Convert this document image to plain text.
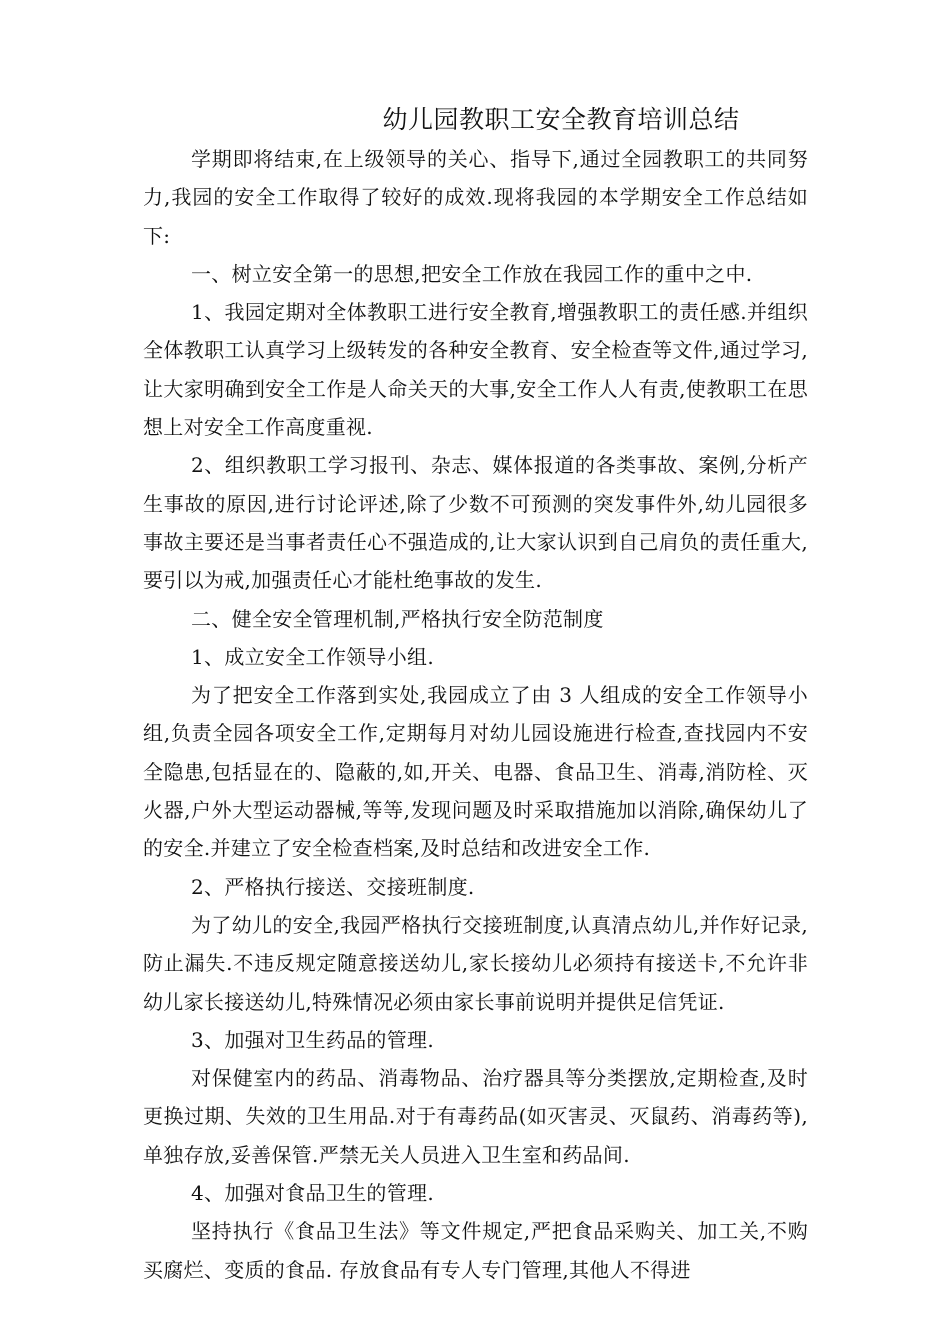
幼儿园教职工安全教育培训总结

学期即将结束,在上级领导的关心、指导下,通过全园教职工的共同努力,我园的安全工作取得了较好的成效.现将我园的本学期安全工作总结如下:

一、树立安全第一的思想,把安全工作放在我园工作的重中之中.

1、我园定期对全体教职工进行安全教育,增强教职工的责任感.并组织全体教职工认真学习上级转发的各种安全教育、安全检查等文件,通过学习,让大家明确到安全工作是人命关天的大事,安全工作人人有责,使教职工在思想上对安全工作高度重视.

2、组织教职工学习报刊、杂志、媒体报道的各类事故、案例,分析产生事故的原因,进行讨论评述,除了少数不可预测的突发事件外,幼儿园很多事故主要还是当事者责任心不强造成的,让大家认识到自己肩负的责任重大,要引以为戒,加强责任心才能杜绝事故的发生.

二、健全安全管理机制,严格执行安全防范制度

1、成立安全工作领导小组.

为了把安全工作落到实处,我园成立了由 3 人组成的安全工作领导小组,负责全园各项安全工作,定期每月对幼儿园设施进行检查,查找园内不安全隐患,包括显在的、隐蔽的,如,开关、电器、食品卫生、消毒,消防栓、灭火器,户外大型运动器械,等等,发现问题及时采取措施加以消除,确保幼儿了的安全.并建立了安全检查档案,及时总结和改进安全工作.

2、严格执行接送、交接班制度.

为了幼儿的安全,我园严格执行交接班制度,认真清点幼儿,并作好记录,防止漏失.不违反规定随意接送幼儿,家长接幼儿必须持有接送卡,不允许非幼儿家长接送幼儿,特殊情况必须由家长事前说明并提供足信凭证.

3、加强对卫生药品的管理.

对保健室内的药品、消毒物品、治疗器具等分类摆放,定期检查,及时更换过期、失效的卫生用品.对于有毒药品(如灭害灵、灭鼠药、消毒药等),单独存放,妥善保管.严禁无关人员进入卫生室和药品间.

4、加强对食品卫生的管理.

坚持执行《食品卫生法》等文件规定,严把食品采购关、加工关,不购买腐烂、变质的食品. 存放食品有专人专门管理,其他人不得进
